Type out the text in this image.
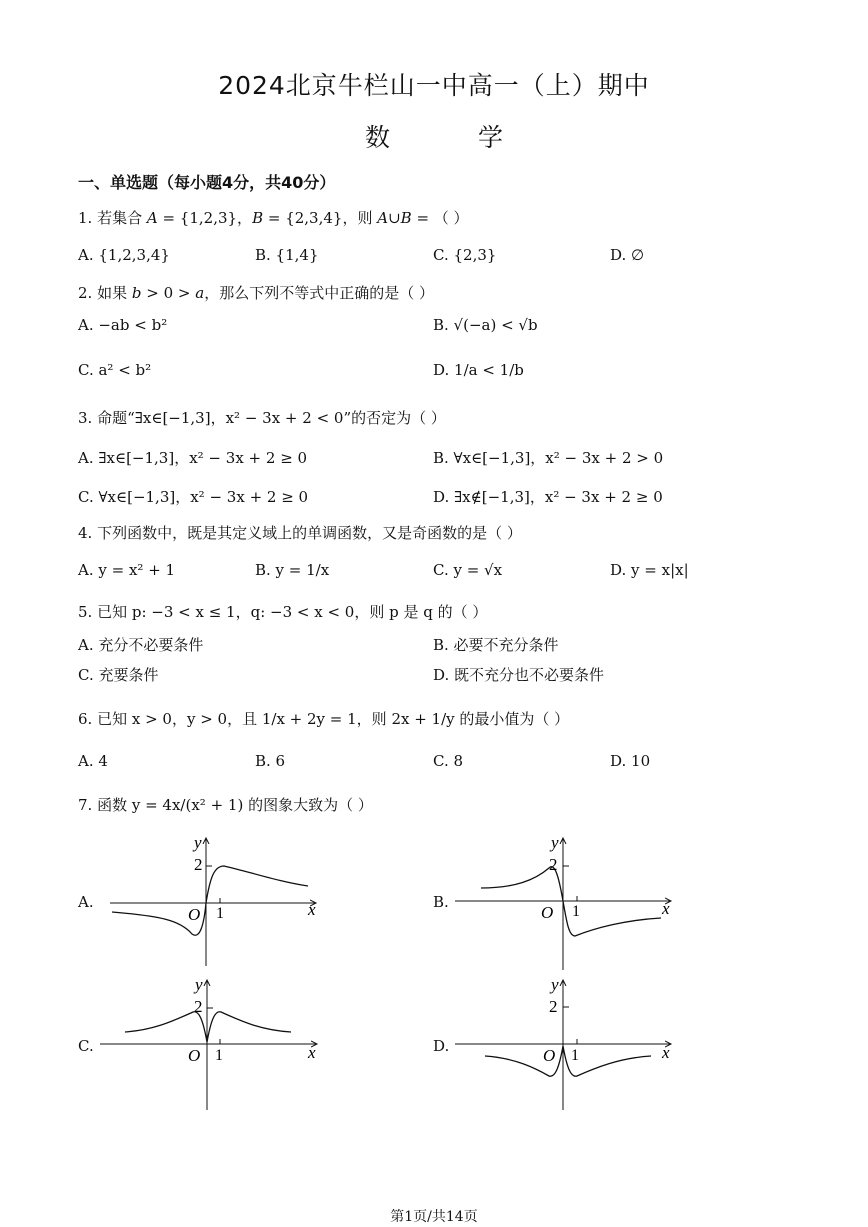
2024北京牛栏山一中高一（上）期中
数 学
一、单选题（每小题4分，共40分）
1. 若集合 A = {1,2,3}，B = {2,3,4}，则 A∪B = （ ）
A. {1,2,3,4}	B. {1,4}	C. {2,3}	D. ∅
2. 如果 b > 0 > a，那么下列不等式中正确的是（ ）
A. −ab < b²	B. √(−a) < √b
C. a² < b²	D. 1/a < 1/b
3. 命题“∃x∈[−1,3]，x² − 3x + 2 < 0”的否定为（ ）
A. ∃x∈[−1,3]，x² − 3x + 2 ≥ 0	B. ∀x∈[−1,3]，x² − 3x + 2 > 0
C. ∀x∈[−1,3]，x² − 3x + 2 ≥ 0	D. ∃x∉[−1,3]，x² − 3x + 2 ≥ 0
4. 下列函数中，既是其定义域上的单调函数，又是奇函数的是（ ）
A. y = x² + 1	B. y = 1/x	C. y = √x	D. y = x|x|
5. 已知 p: −3 < x ≤ 1，q: −3 < x < 0，则 p 是 q 的（ ）
A. 充分不必要条件	B. 必要不充分条件
C. 充要条件	D. 既不充分也不必要条件
6. 已知 x > 0，y > 0，且 1/x + 2y = 1，则 2x + 1/y 的最小值为（ ）
A. 4	B. 6	C. 8	D. 10
7. 函数 y = 4x/(x² + 1) 的图象大致为（ ）
A.	B.
C.	D.
y
2
O 1	x
y
2
O 1	x
y
2
O 1	x
y
2
O 1	x
第1页/共14页
